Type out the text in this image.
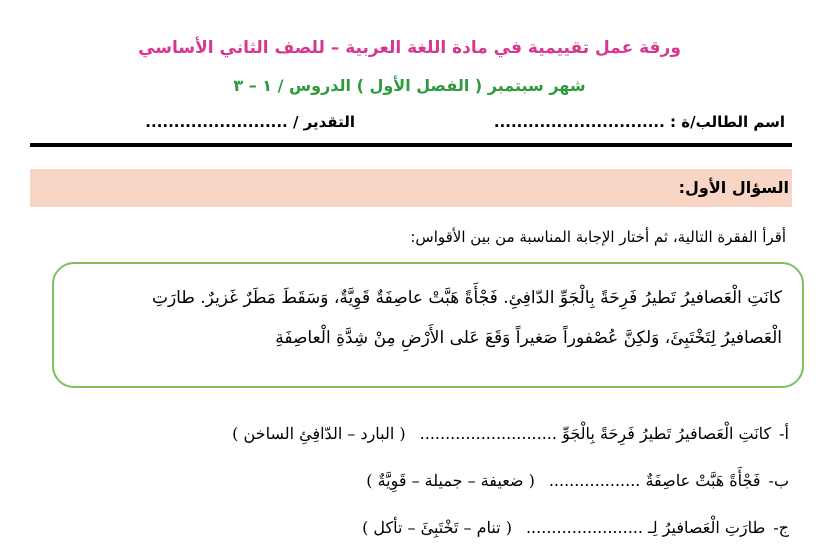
ورقة عمل تقييمية في مادة اللغة العربية – للصف الثاني الأساسي
شهر سبتمبر ( الفصل الأول ) الدروس / ١ – ٣
اسم الطالب/ة : ..............................
التقدير / .........................
السؤال الأول:
أقرأ الفقرة التالية، ثم أختار الإجابة المناسبة من بين الأقواس:

كانَتِ الْعَصافيرُ تَطيرُ فَرِحَةً بِالْجَوِّ الدّافِئِ. فَجْأَةً هَبَّتْ عاصِفَةٌ قَوِيَّةٌ، وَسَقَطَ مَطَرٌ غَزيرٌ. طارَتِ

الْعَصافيرُ لِتَخْتَبِئَ، وَلكِنَّ عُصْفوراً صَغيراً وَقَعَ عَلى الأَرْضِ مِنْ شِدَّةِ الْعاصِفَةِ

أ-كانَتِ الْعَصافيرُ تَطيرُ فَرِحَةً بِالْجَوِّ ...........................( البارد – الدّافِئِ الساخن )
ب-فَجْأَةً هَبَّتْ عاصِفَةٌ ..................( ضعيفة – جميلة – قَوِيَّةٌ )
ج-طارَتِ الْعَصافيرُ لِـ .......................( تنام – تَخْتَبِئَ – تأكل )
